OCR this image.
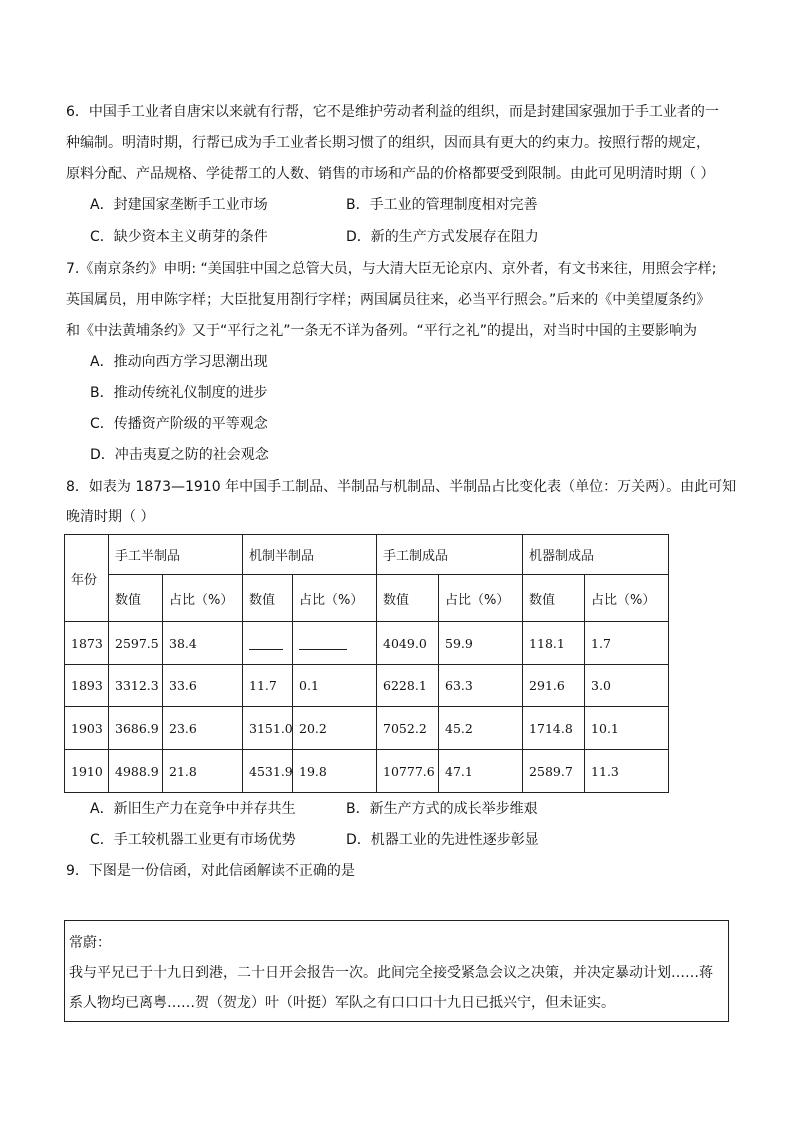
6．中国手工业者自唐宋以来就有行帮，它不是维护劳动者利益的组织，而是封建国家强加于手工业者的一
种编制。明清时期，行帮已成为手工业者长期习惯了的组织，因而具有更大的约束力。按照行帮的规定，
原料分配、产品规格、学徒帮工的人数、销售的市场和产品的价格都要受到限制。由此可见明清时期（ ）
A．封建国家垄断手工业市场	B．手工业的管理制度相对完善
C．缺少资本主义萌芽的条件	D．新的生产方式发展存在阻力
7.《南京条约》申明: “美国驻中国之总管大员，与大清大臣无论京内、京外者，有文书来往，用照会字样;
英国属员，用申陈字样；大臣批复用剳行字样；两国属员往来，必当平行照会。”后来的《中美望厦条约》
和《中法黄埔条约》又于“平行之礼”一条无不详为备列。“平行之礼”的提出，对当时中国的主要影响为
A．推动向西方学习思潮出现
B．推动传统礼仪制度的进步
C．传播资产阶级的平等观念
D．冲击夷夏之防的社会观念
8．如表为 1873—1910 年中国手工制品、半制品与机制品、半制品占比变化表（单位：万关两）。由此可知
晚清时期（ ）
年份	手工半制品		机制半制品		手工制成品		机器制成品	
	数值	占比（%）	数值	占比（%）	数值	占比（%）	数值	占比（%）
1873	2597.5	38.4			4049.0	59.9	118.1	1.7
1893	3312.3	33.6	11.7	0.1	6228.1	63.3	291.6	3.0
1903	3686.9	23.6	3151.0	20.2	7052.2	45.2	1714.8	10.1
1910	4988.9	21.8	4531.9	19.8	10777.6	47.1	2589.7	11.3
A．新旧生产力在竞争中并存共生	B．新生产方式的成长举步维艰
C．手工较机器工业更有市场优势	D．机器工业的先进性逐步彰显
9．下图是一份信函，对此信函解读不正确的是
常蔚：
我与平兄已于十九日到港，二十日开会报告一次。此间完全接受紧急会议之决策，并决定暴动计划……蒋
系人物均已离粤……贺（贺龙）叶（叶挺）军队之有口口口十九日已抵兴宁，但未证实。
